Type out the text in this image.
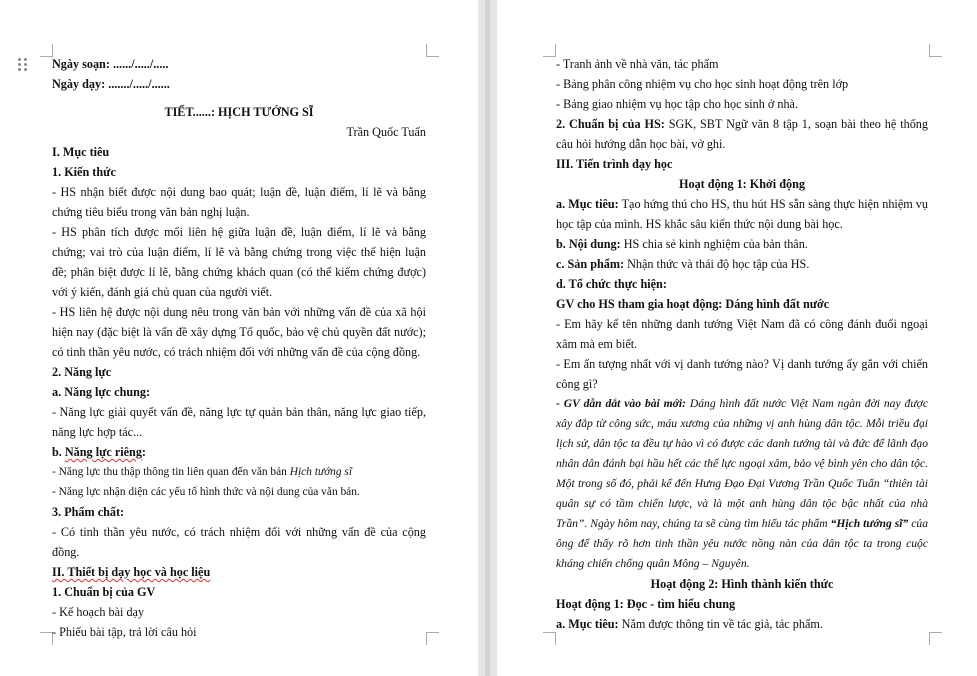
Ngày soạn: ....../...../.....

Ngày dạy: ......./...../......

TIẾT......: HỊCH TƯỚNG SĨ

Trần Quốc Tuấn

I. Mục tiêu

1. Kiến thức

- HS nhận biết được nội dung bao quát; luận đề, luận điểm, lí lẽ và bằng chứng tiêu biểu trong văn bản nghị luận.

- HS phân tích được mối liên hệ giữa luận đề, luận điểm, lí lẽ và bằng chứng; vai trò của luận điểm, lí lẽ và bằng chứng trong việc thể hiện luận đề; phân biệt được lí lẽ, bằng chứng khách quan (có thể kiểm chứng được) với ý kiến, đánh giá chủ quan của người viết.

- HS liên hệ được nội dung nêu trong văn bản với những vấn đề của xã hội hiện nay (đặc biệt là vấn đề xây dựng Tổ quốc, bảo vệ chủ quyền đất nước); có tinh thần yêu nước, có trách nhiệm đối với những vấn đề của cộng đồng.

2. Năng lực

a. Năng lực chung:

- Năng lực giải quyết vấn đề, năng lực tự quản bản thân, năng lực giao tiếp, năng lực hợp tác...

b. Năng lực riêng:

- Năng lực thu thập thông tin liên quan đến văn bản Hịch tướng sĩ

- Năng lực nhận diện các yếu tố hình thức và nội dung của văn bản.

3. Phẩm chất:

- Có tinh thần yêu nước, có trách nhiệm đối với những vấn đề của cộng đồng.

II. Thiết bị dạy học và học liệu

1. Chuẩn bị của GV

- Kế hoạch bài dạy

- Phiếu bài tập, trả lời câu hỏi

- Tranh ảnh về nhà văn, tác phẩm

- Bảng phân công nhiệm vụ cho học sinh hoạt động trên lớp

- Bảng giao nhiệm vụ học tập cho học sinh ở nhà.

2. Chuẩn bị của HS: SGK, SBT Ngữ văn 8 tập 1, soạn bài theo hệ thống câu hỏi hướng dẫn học bài, vở ghi.

III. Tiến trình dạy học

Hoạt động 1: Khởi động

a. Mục tiêu: Tạo hứng thú cho HS, thu hút HS sẵn sàng thực hiện nhiệm vụ học tập của mình. HS khắc sâu kiến thức nội dung bài học.

b. Nội dung: HS chia sẻ kinh nghiệm của bản thân.

c. Sản phẩm: Nhận thức và thái độ học tập của HS.

d. Tổ chức thực hiện:

GV cho HS tham gia hoạt động: Dáng hình đất nước

- Em hãy kể tên những danh tướng Việt Nam đã có công đánh đuổi ngoại xâm mà em biết.

- Em ấn tượng nhất với vị danh tướng nào? Vị danh tướng ấy gắn với chiến công gì?

- GV dẫn dắt vào bài mới: Dáng hình đất nước Việt Nam ngàn đời nay được xây đắp từ công sức, máu xương của những vị anh hùng dân tộc. Mỗi triều đại lịch sử, dân tộc ta đều tự hào vì có được các danh tướng tài và đức để lãnh đạo nhân dân đánh bại hầu hết các thế lực ngoại xâm, bảo vệ bình yên cho dân tộc. Một trong số đó, phải kể đến Hưng Đạo Đại Vương Trần Quốc Tuấn “thiên tài quân sự có tầm chiến lược, và là một anh hùng dân tộc bậc nhất của nhà Trần”. Ngày hôm nay, chúng ta sẽ cùng tìm hiểu tác phẩm “Hịch tướng sĩ” của ông để thấy rõ hơn tinh thần yêu nước nồng nàn của dân tộc ta trong cuộc kháng chiến chống quân Mông – Nguyên.

Hoạt động 2: Hình thành kiến thức

Hoạt động 1: Đọc - tìm hiểu chung

a. Mục tiêu: Nắm được thông tin về tác giả, tác phẩm.
